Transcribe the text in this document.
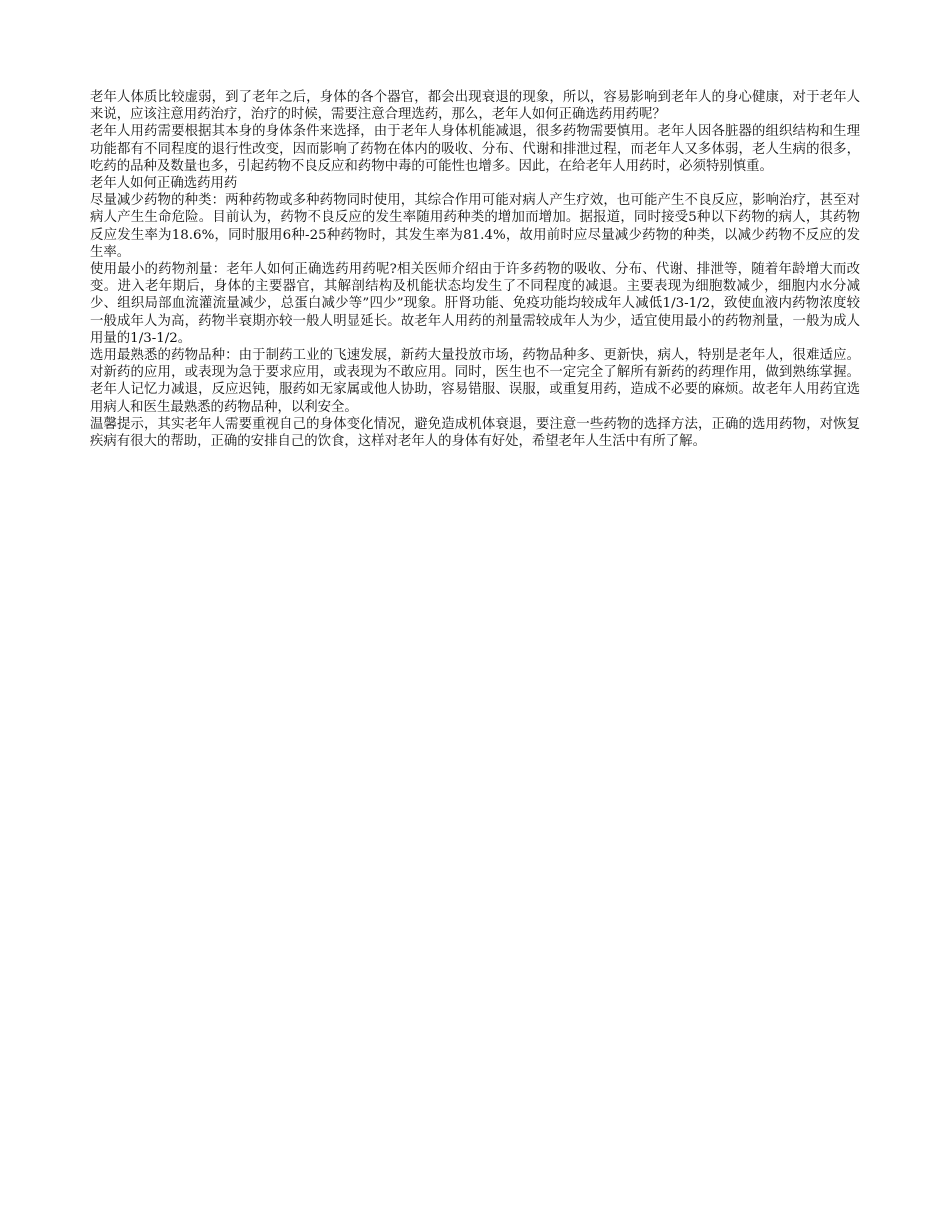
老年人体质比较虚弱，到了老年之后，身体的各个器官，都会出现衰退的现象，所以，容易影响到老年人的身心健康，对于老年人来说，应该注意用药治疗，治疗的时候，需要注意合理选药，那么，老年人如何正确选药用药呢？

老年人用药需要根据其本身的身体条件来选择，由于老年人身体机能减退，很多药物需要慎用。老年人因各脏器的组织结构和生理功能都有不同程度的退行性改变，因而影响了药物在体内的吸收、分布、代谢和排泄过程，而老年人又多体弱，老人生病的很多，吃药的品种及数量也多，引起药物不良反应和药物中毒的可能性也增多。因此，在给老年人用药时，必须特别慎重。

老年人如何正确选药用药

尽量减少药物的种类：两种药物或多种药物同时使用，其综合作用可能对病人产生疗效，也可能产生不良反应，影响治疗，甚至对病人产生生命危险。目前认为，药物不良反应的发生率随用药种类的增加而增加。据报道，同时接受5种以下药物的病人，其药物反应发生率为18.6%，同时服用6种-25种药物时，其发生率为81.4%，故用前时应尽量减少药物的种类，以减少药物不反应的发生率。

使用最小的药物剂量：老年人如何正确选药用药呢?相关医师介绍由于许多药物的吸收、分布、代谢、排泄等，随着年龄增大而改变。进入老年期后，身体的主要器官，其解剖结构及机能状态均发生了不同程度的减退。主要表现为细胞数减少，细胞内水分减少、组织局部血流灌流量减少，总蛋白减少等”四少”现象。肝肾功能、免疫功能均较成年人减低1/3-1/2，致使血液内药物浓度较一般成年人为高，药物半衰期亦较一般人明显延长。故老年人用药的剂量需较成年人为少，适宜使用最小的药物剂量，一般为成人用量的1/3-1/2。

选用最熟悉的药物品种：由于制药工业的飞速发展，新药大量投放市场，药物品种多、更新快，病人，特别是老年人，很难适应。对新药的应用，或表现为急于要求应用，或表现为不敢应用。同时，医生也不一定完全了解所有新药的药理作用，做到熟练掌握。老年人记忆力减退，反应迟钝，服药如无家属或他人协助，容易错服、误服，或重复用药，造成不必要的麻烦。故老年人用药宜选用病人和医生最熟悉的药物品种，以利安全。

温馨提示，其实老年人需要重视自己的身体变化情况，避免造成机体衰退，要注意一些药物的选择方法，正确的选用药物，对恢复疾病有很大的帮助，正确的安排自己的饮食，这样对老年人的身体有好处，希望老年人生活中有所了解。
